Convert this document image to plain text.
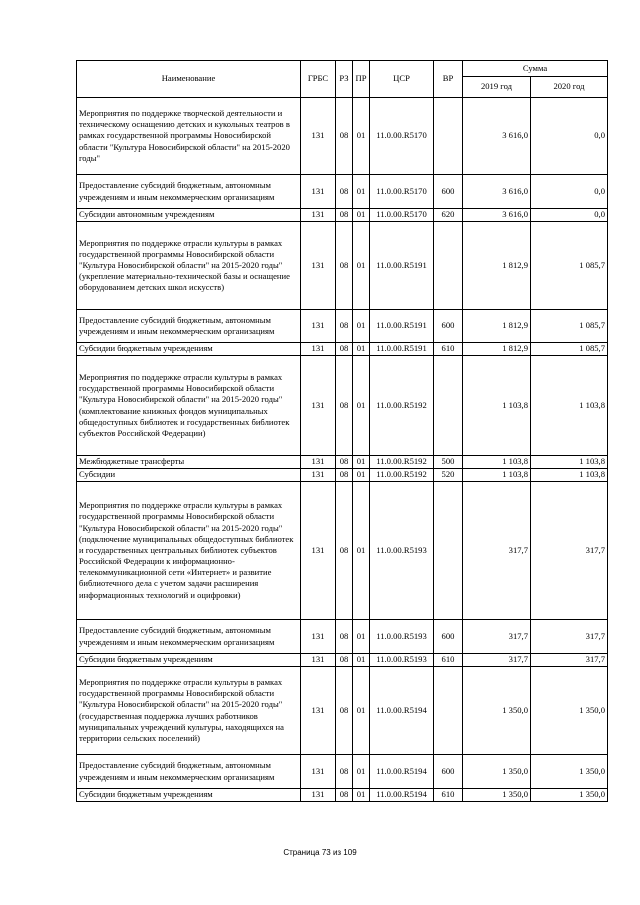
Наименование	ГРБС	РЗ	ПР	ЦСР	ВР	Сумма	
						2019 год	2020 год
Мероприятия по поддержке творческой деятельности и техническому оснащению детских и кукольных театров в рамках государственной программы Новосибирской области "Культура Новосибирской области" на 2015-2020 годы"	131	08	01	11.0.00.R5170		3 616,0	0,0
Предоставление субсидий бюджетным, автономным учреждениям и иным некоммерческим организациям	131	08	01	11.0.00.R5170	600	3 616,0	0,0
Субсидии автономным учреждениям	131	08	01	11.0.00.R5170	620	3 616,0	0,0
Мероприятия по поддержке отрасли культуры в рамках государственной программы Новосибирской области "Культура Новосибирской области" на 2015-2020 годы" (укрепление материально-технической базы и оснащение оборудованием детских школ искусств)	131	08	01	11.0.00.R5191		1 812,9	1 085,7
Предоставление субсидий бюджетным, автономным учреждениям и иным некоммерческим организациям	131	08	01	11.0.00.R5191	600	1 812,9	1 085,7
Субсидии бюджетным учреждениям	131	08	01	11.0.00.R5191	610	1 812,9	1 085,7
Мероприятия по поддержке отрасли культуры в рамках государственной программы Новосибирской области "Культура Новосибирской области" на 2015-2020 годы" (комплектование книжных фондов муниципальных общедоступных библиотек и государственных библиотек субъектов Российской Федерации)	131	08	01	11.0.00.R5192		1 103,8	1 103,8
Межбюджетные трансферты	131	08	01	11.0.00.R5192	500	1 103,8	1 103,8
Субсидии	131	08	01	11.0.00.R5192	520	1 103,8	1 103,8
Мероприятия по поддержке отрасли культуры в рамках государственной программы Новосибирской области "Культура Новосибирской области" на 2015-2020 годы" (подключение муниципальных общедоступных библиотек и государственных центральных библиотек субъектов Российской Федерации к информационно-телекоммуникационной сети «Интернет» и развитие библиотечного дела с учетом задачи расширения информационных технологий и оцифровки)	131	08	01	11.0.00.R5193		317,7	317,7
Предоставление субсидий бюджетным, автономным учреждениям и иным некоммерческим организациям	131	08	01	11.0.00.R5193	600	317,7	317,7
Субсидии бюджетным учреждениям	131	08	01	11.0.00.R5193	610	317,7	317,7
Мероприятия по поддержке отрасли культуры в рамках государственной программы Новосибирской области "Культура Новосибирской области" на 2015-2020 годы" (государственная поддержка лучших работников муниципальных учреждений культуры, находящихся на территории сельских поселений)	131	08	01	11.0.00.R5194		1 350,0	1 350,0
Предоставление субсидий бюджетным, автономным учреждениям и иным некоммерческим организациям	131	08	01	11.0.00.R5194	600	1 350,0	1 350,0
Субсидии бюджетным учреждениям	131	08	01	11.0.00.R5194	610	1 350,0	1 350,0
Страница 73 из 109
